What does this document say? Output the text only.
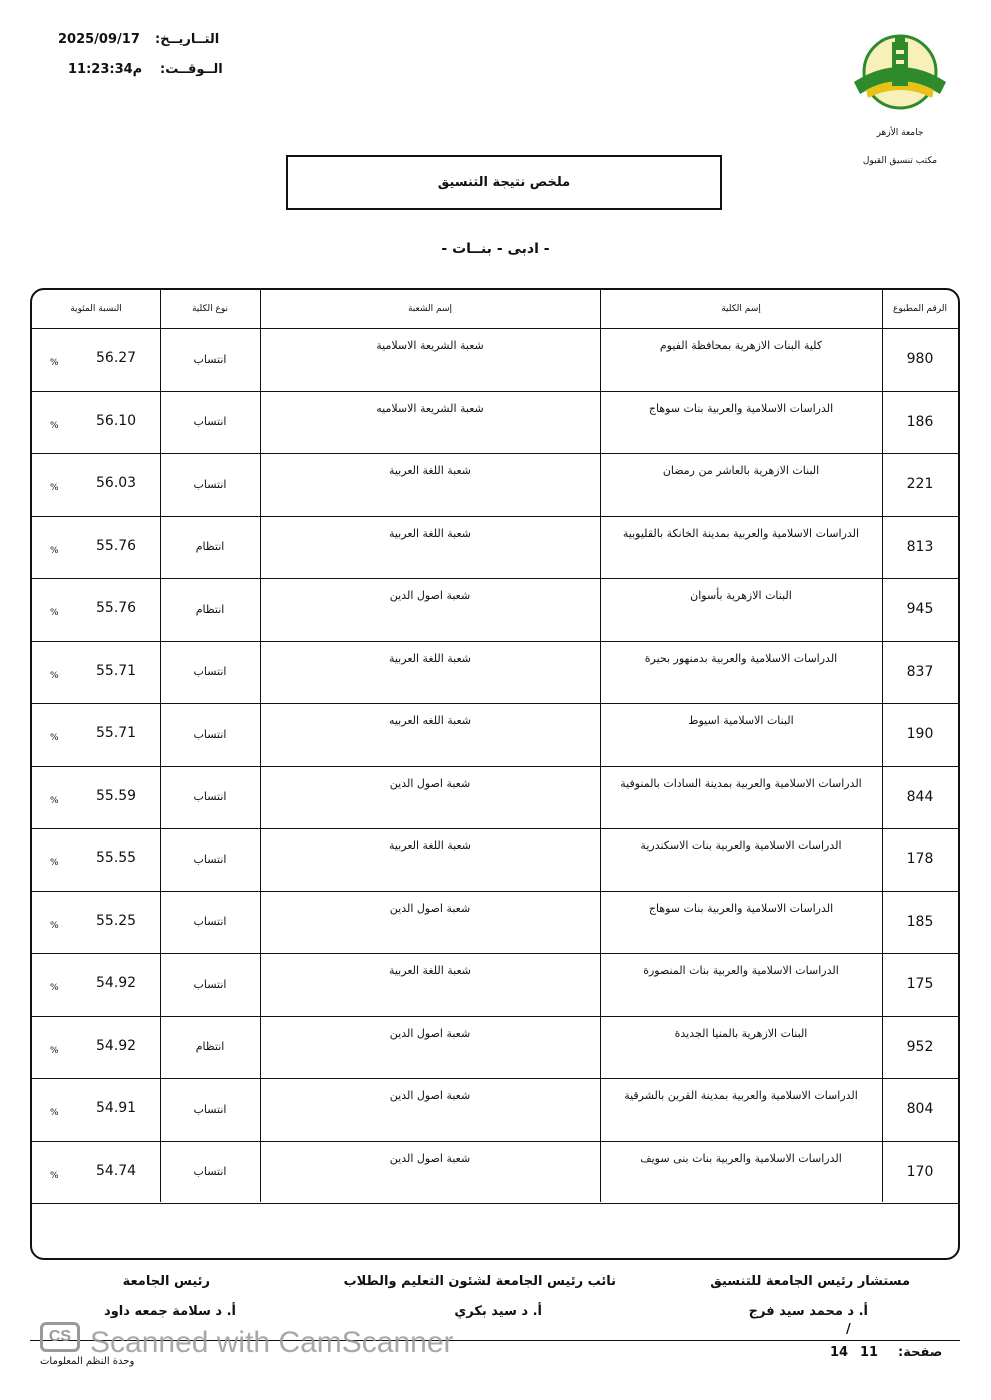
التــاريــخ:
2025/09/17
الــوقــت:
م11:23:34
جامعة الأزهر
مكتب تنسيق القبول
ملخص نتيجة التنسيق
- ادبى - بنــات -
الرقم المطبوع
إسم الكلية
إسم الشعبة
نوع الكلية
النسبة المئوية
980
كلية البنات الازهرية بمحافظة الفيوم
شعبة الشريعة الاسلامية
انتساب
56.27
%
186
الدراسات الاسلامية والعربية بنات سوهاج
شعبة الشريعة الاسلاميه
انتساب
56.10
%
221
البنات الازهرية بالعاشر من رمضان
شعبة اللغة العربية
انتساب
56.03
%
813
الدراسات الاسلامية والعربية بمدينة الخانكة بالقليوبية
شعبة اللغة العربية
انتظام
55.76
%
945
البنات الازهرية بأسوان
شعبة اصول الدين
انتظام
55.76
%
837
الدراسات الاسلامية والعربية بدمنهور بحيرة
شعبة اللغة العربية
انتساب
55.71
%
190
البنات الاسلامية اسيوط
شعبة اللغه العربيه
انتساب
55.71
%
844
الدراسات الاسلامية والعربية بمدينة السادات بالمنوفية
شعبة اصول الدين
انتساب
55.59
%
178
الدراسات الاسلامية والعربية بنات الاسكندرية
شعبة اللغة العربية
انتساب
55.55
%
185
الدراسات الاسلامية والعربية بنات سوهاج
شعبة اصول الدين
انتساب
55.25
%
175
الدراسات الاسلامية والعربية بنات المنصورة
شعبة اللغة العربية
انتساب
54.92
%
952
البنات الازهرية بالمنيا الجديدة
شعبة اصول الدين
انتظام
54.92
%
804
الدراسات الاسلامية والعربية بمدينة القرين بالشرقية
شعبة اصول الدين
انتساب
54.91
%
170
الدراسات الاسلامية والعربية بنات بنى سويف
شعبة اصول الدين
انتساب
54.74
%
مستشار رئيس الجامعة للتنسيق
أ. د محمد سيد فرج
نائب رئيس الجامعة لشئون التعليم والطلاب
أ. د سيد بكري
رئيس الجامعة
أ. د سلامة جمعه داود
/
صفحة:
11
14
وحدة النظم المعلومات
CS Scanned with CamScanner
